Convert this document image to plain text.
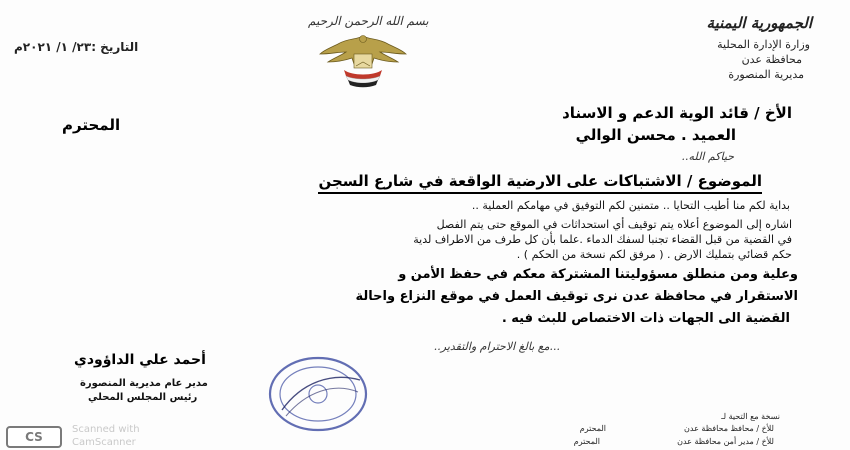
الجمهورية اليمنية
وزارة الإدارة المحلية
محافظة عدن
مديرية المنصورة
بسم الله الرحمن الرحيم
التاريخ :٢٣/ ١/ ٢٠٢١م
الأخ / قائد الوية الدعم و الاسناد
المحترم
العميد . محسن الوالي
حياكم الله..
الموضوع / الاشتباكات على الارضية الواقعة في شارع السجن
بداية لكم منا أطيب التحايا .. متمنين لكم التوفيق في مهامكم العملية ..
اشاره إلى الموضوع أعلاه يتم توقيف أي استحداثات في الموقع حتى يتم الفصل
في القضية من قبل القضاء تجنبا لسفك الدماء .علما بأن كل طرف من الاطراف لدية
حكم قضائي بتمليك الارض . ( مرفق لكم نسخة من الحكم ) .
وعلية ومن منطلق مسؤوليتنا المشتركة معكم في حفظ الأمن و
الاستقرار في محافظة عدن نرى توقيف العمل في موقع النزاع واحالة
القضية الى الجهات ذات الاختصاص للبث فيه .
...مع بالغ الاحترام والتقدير..
أحمد علي الداؤودي
مدير عام مديرية المنصورة
رئيس المجلس المحلي
نسخة مع التحية لـ
للأخ / محافظ محافظة عدن
المحترم
للأخ / مدير أمن محافظة عدن
المحترم
CS
Scanned with
CamScanner
